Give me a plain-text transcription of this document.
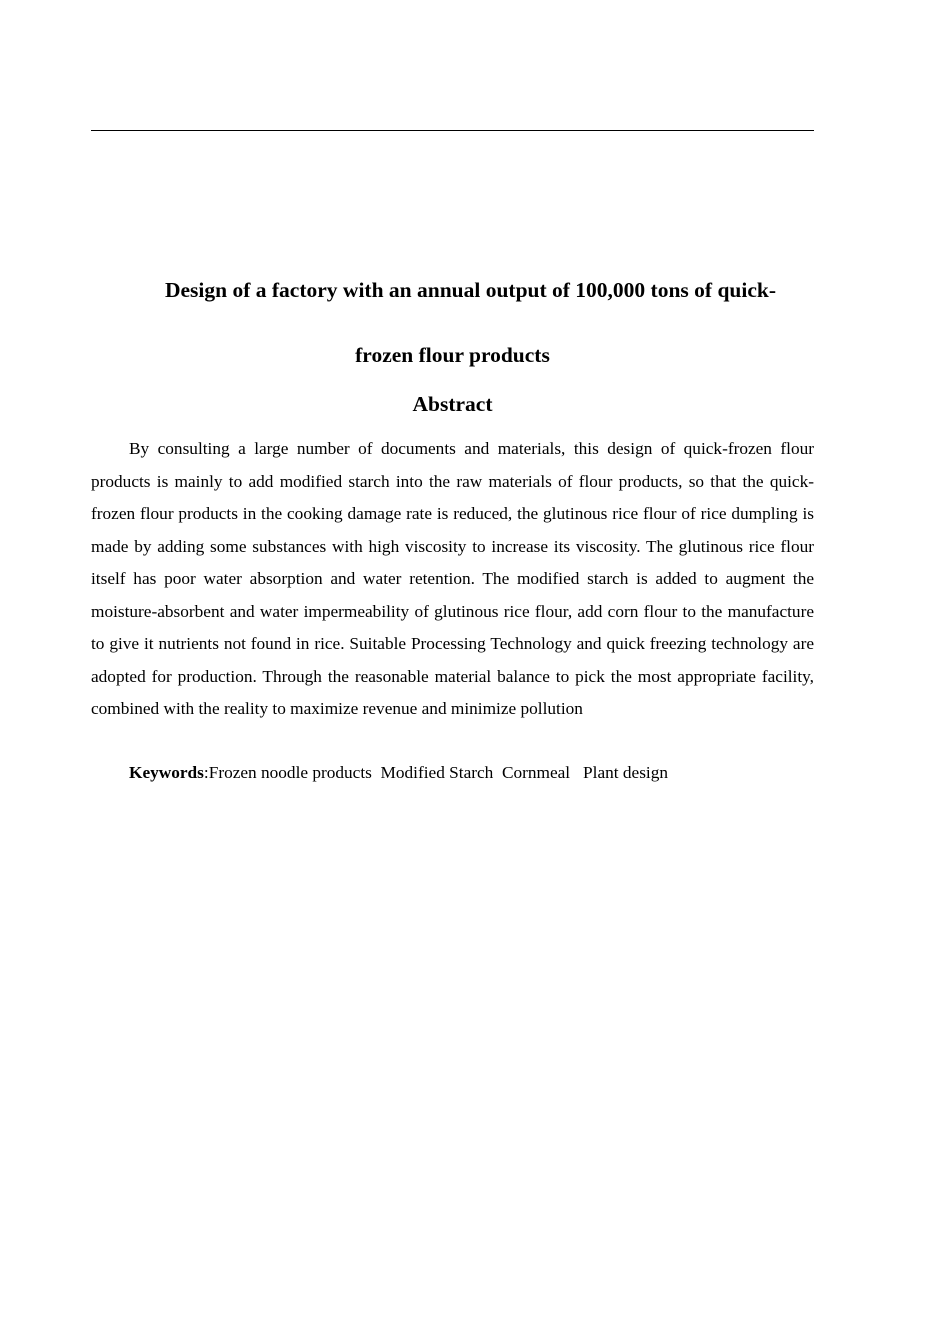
Design of a factory with an annual output of 100,000 tons of quick-
frozen flour products
Abstract

By consulting a large number of documents and materials, this design of quick-frozen flour products is mainly to add modified starch into the raw materials of flour products, so that the quick-frozen flour products in the cooking damage rate is reduced, the glutinous rice flour of rice dumpling is made by adding some substances with high viscosity to increase its viscosity. The glutinous rice flour itself has poor water absorption and water retention. The modified starch is added to augment the moisture-absorbent and water impermeability of glutinous rice flour, add corn flour to the manufacture to give it nutrients not found in rice. Suitable Processing Technology and quick freezing technology are adopted for production. Through the reasonable material balance to pick the most appropriate facility, combined with the reality to maximize revenue and minimize pollution

Keywords:Frozen noodle products  Modified Starch  Cornmeal   Plant design
